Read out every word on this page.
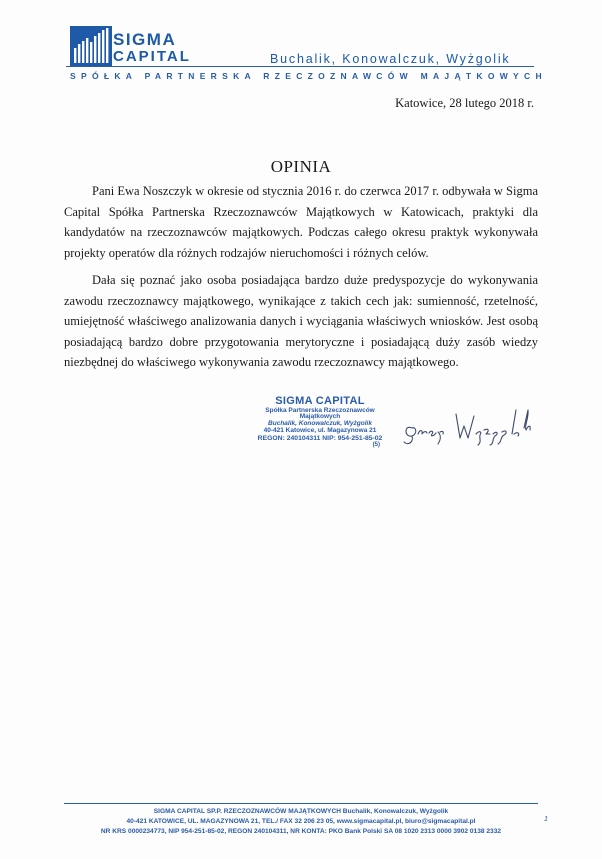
SIGMA
CAPITAL	Buchalik, Konowalczuk, Wyżgolik
SPÓŁKA PARTNERSKA RZECZOZNAWCÓW MAJĄTKOWYCH
Katowice, 28 lutego 2018 r.
OPINIA

Pani Ewa Noszczyk w okresie od stycznia 2016 r. do czerwca 2017 r. odbywała w Sigma Capital Spółka Partnerska Rzeczoznawców Majątkowych w Katowicach, praktyki dla kandydatów na rzeczoznawców majątkowych. Podczas całego okresu praktyk wykonywała projekty operatów dla różnych rodzajów nieruchomości i różnych celów.

Dała się poznać jako osoba posiadająca bardzo duże predyspozycje do wykonywania zawodu rzeczoznawcy majątkowego, wynikające z takich cech jak: sumienność, rzetelność, umiejętność właściwego analizowania danych i wyciągania właściwych wniosków. Jest osobą posiadającą bardzo dobre przygotowania merytoryczne i posiadającą duży zasób wiedzy niezbędnej do właściwego wykonywania zawodu rzeczoznawcy majątkowego.

SIGMA CAPITAL
Spółka Partnerska Rzeczoznawców Majątkowych
Buchalik, Konowalczuk, Wyżgolik
40-421 Katowice, ul. Magazynowa 21
REGON: 240104311 NIP: 954-251-85-02
(5)
SIGMA CAPITAL SP.P. RZECZOZNAWCÓW MAJĄTKOWYCH Buchalik, Konowalczuk, Wyżgolik
40-421 KATOWICE, UL. MAGAZYNOWA 21, TEL./ FAX 32 206 23 05, www.sigmacapital.pl, biuro@sigmacapital.pl
NR KRS 0000234773, NIP 954-251-85-02, REGON 240104311, NR KONTA: PKO Bank Polski SA 08 1020 2313 0000 3902 0138 2332
1
